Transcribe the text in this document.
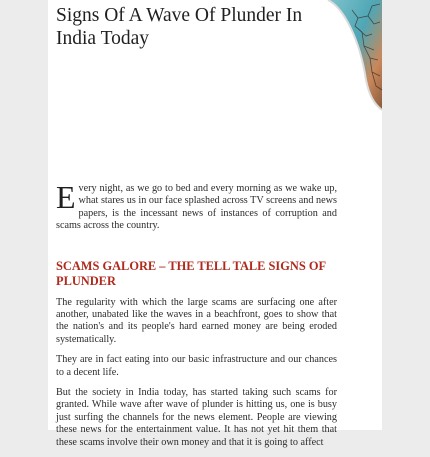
Signs Of A Wave Of Plunder In India Today

Every night, as we go to bed and every morning as we wake up, what stares us in our face splashed across TV screens and news papers, is the incessant news of instances of corruption and scams across the country.

SCAMS GALORE – THE TELL TALE SIGNS OF PLUNDER

The regularity with which the large scams are surfacing one after another, unabated like the waves in a beachfront, goes to show that the nation's and its people's hard earned money are being eroded systematically.

They are in fact eating into our basic infrastructure and our chances to a decent life.

But the society in India today, has started taking such scams for granted. While wave after wave of plunder is hitting us, one is busy just surfing the channels for the news element. People are viewing these news for the entertainment value. It has not yet hit them that these scams involve their own money and that it is going to affect
